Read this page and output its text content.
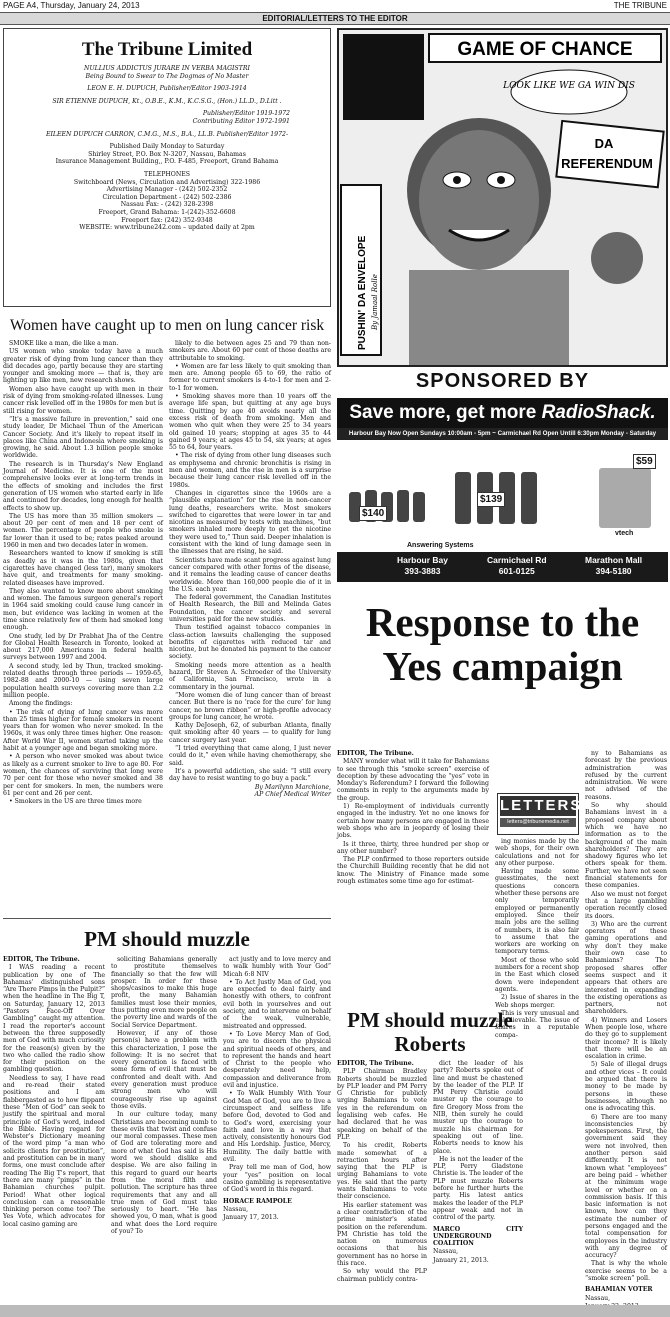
PAGE A4, Thursday, January 24, 2013	THE TRIBUNE
EDITORIAL/LETTERS TO THE EDITOR
The Tribune Limited

NULLIUS ADDICTUS JURARE IN VERBA MAGISTRI
Being Bound to Swear to The Dogmas of No Master

LEON E. H. DUPUCH, Publisher/Editor 1903-1914

SIR ETIENNE DUPUCH, Kt., O.B.E., K.M., K.C.S.G., (Hon.) LL.D., D.Litt .

Publisher/Editor 1919-1972
Contributing Editor 1972-1991

EILEEN DUPUCH CARRON, C.M.G., M.S., B.A., LL.B. Publisher/Editor 1972-

Published Daily Monday to Saturday
Shirley Street, P.O. Box N-3207, Nassau, Bahamas
Insurance Management Building,, P.O. F-485, Freeport, Grand Bahama

TELEPHONES
Switchboard (News, Circulation and Advertising) 322-1986
Advertising Manager - (242) 502-2352
Circulation Department - (242) 502-2386
Nassau Fax: - (242) 328-2398
Freeport, Grand Bahama: 1-(242)-352-6608
Freeport fax: (242) 352-9348
WEBSITE: www.tribune242.com – updated daily at 2pm

GAME OF CHANCE
LOOK LIKE WE GA WIN DIS
DA
REFERENDUM
PUSHIN' DA ENVELOPE By Jamaal Rolle
SPONSORED BY
Save more, get more RadioShack.
Harbour Bay Now Open Sundays 10:00am - 5pm ~ Carmichael Rd Open Untill 6:30pm Monday - Saturday
$140
Answering Systems
$139
$59
vtech
Harbour Bay
393-3883
Carmichael Rd
601-0125
Marathon Mall
394-5180
Women have caught up to men on lung cancer risk

SMOKE like a man, die like a man.

US women who smoke today have a much greater risk of dying from lung cancer than they did decades ago, partly because they are starting younger and smoking more — that is, they are lighting up like men, new research shows.

Women also have caught up with men in their risk of dying from smoking-related illnesses. Lung cancer risk levelled off in the 1980s for men but is still rising for women.

“It's a massive failure in prevention,” said one study leader, Dr Michael Thun of the American Cancer Society. And it's likely to repeat itself in places like China and Indonesia where smoking is growing, he said. About 1.3 billion people smoke worldwide.

The research is in Thursday's New England Journal of Medicine. It is one of the most comprehensive looks ever at long-term trends in the effects of smoking and includes the first generation of US women who started early in life and continued for decades, long enough for health effects to show up.

The US has more than 35 million smokers — about 20 per cent of men and 18 per cent of women. The percentage of people who smoke is far lower than it used to be; rates peaked around 1960 in men and two decades later in women.

Researchers wanted to know if smoking is still as deadly as it was in the 1980s, given that cigarettes have changed (less tar), many smokers have quit, and treatments for many smoking-related diseases have improved.

They also wanted to know more about smoking and women. The famous surgeon general's report in 1964 said smoking could cause lung cancer in men, but evidence was lacking in women at the time since relatively few of them had smoked long enough.

One study, led by Dr Prabhat Jha of the Centre for Global Health Research in Toronto, looked at about 217,000 Americans in federal health surveys between 1997 and 2004.

A second study, led by Thun, tracked smoking-related deaths through three periods — 1959-65, 1982-88 and 2000-10 — using seven large population health surveys covering more than 2.2 million people.

Among the findings:

• The risk of dying of lung cancer was more than 25 times higher for female smokers in recent years than for women who never smoked. In the 1960s, it was only three times higher. One reason: After World War II, women started taking up the habit at a younger age and began smoking more.

• A person who never smoked was about twice as likely as a current smoker to live to age 80. For women, the chances of surviving that long were 70 per cent for those who never smoked and 38 per cent for smokers. In men, the numbers were 61 per cent and 26 per cent.

• Smokers in the US are three times more

likely to die between ages 25 and 79 than non-smokers are. About 60 per cent of those deaths are attributable to smoking.

• Women are far less likely to quit smoking than men are. Among people 65 to 69, the ratio of former to current smokers is 4-to-1 for men and 2-to-1 for women.

• Smoking shaves more than 10 years off the average life span, but quitting at any age buys time. Quitting by age 40 avoids nearly all the excess risk of death from smoking. Men and women who quit when they were 25 to 34 years old gained 10 years; stopping at ages 35 to 44 gained 9 years; at ages 45 to 54, six years; at ages 55 to 64, four years.

• The risk of dying from other lung diseases such as emphysema and chronic bronchitis is rising in men and women, and the rise in men is a surprise because their lung cancer risk levelled off in the 1980s.

Changes in cigarettes since the 1960s are a “plausible explanation” for the rise in non-cancer lung deaths, researchers write. Most smokers switched to cigarettes that were lower in tar and nicotine as measured by tests with machines, “but smokers inhaled more deeply to get the nicotine they were used to,” Thun said. Deeper inhalation is consistent with the kind of lung damage seen in the illnesses that are rising, he said.

Scientists have made scant progress against lung cancer compared with other forms of the disease, and it remains the leading cause of cancer deaths worldwide. More than 160,000 people die of it in the U.S. each year.

The federal government, the Canadian Institutes of Health Research, the Bill and Melinda Gates Foundation, the cancer society and several universities paid for the new studies.

Thun testified against tobacco companies in class-action lawsuits challenging the supposed benefits of cigarettes with reduced tar and nicotine, but he donated his payment to the cancer society.

Smoking needs more attention as a health hazard, Dr Steven A. Schroeder of the University of California, San Francisco, wrote in a commentary in the journal.

“More women die of lung cancer than of breast cancer. But there is no ‘race for the cure’ for lung cancer, no brown ribbon” or high-profile advocacy groups for lung cancer, he wrote.

Kathy DeJoseph, 62, of suburban Atlanta, finally quit smoking after 40 years — to qualify for lung cancer surgery last year.

“I tried everything that came along, I just never could do it,” even while having chemotherapy, she said.

It's a powerful addiction, she said: “I still every day have to resist wanting to go buy a pack.”

By Marilynn Marchione,
AP Chief Medical Writer

Response to the Yes campaign

EDITOR, The Tribune.

MANY wonder what will it take for Bahamians to see through this “smoke screen” exercise of deception by these advocating the “yes” vote in Monday's Referendum? I forward the following comments in reply to the arguments made by the group.

1) Re-employment of individuals currently engaged in the industry. Yet no one knows for certain how many persons are engaged in these web shops who are in jeopardy of losing their jobs.

Is it three, thirty, three hundred per shop or any other number?

The PLP confirmed to those reporters outside the Churchill Building recently that he did not know. The Ministry of Finance made some rough estimates some time ago for estimat-

LETTERS
letters@tribunemedia.net

ing monies made by the web shops, for their own calculations and not for any other purpose.

Having made some guesstimates, the next questions concern whether these persons are only temporarily employed or permanently employed. Since their main jobs are the selling of numbers, it is also fair to assume that the workers are working on temporary terms.

Most of those who sold numbers for a recent shop in the East which closed down were independent agents.

2) Issue of shares in the Web shops merger.

This is very unusual and unbelievable. The issue of shares in a reputable compa-

ny to Bahamians as forecast by the previous administration was refused by the current administration. We were not advised of the reasons.

So why should Bahamians invest in a proposed company about which we have no information as to the background of the main shareholders? They are shadowy figures who let others speak for them. Further, we have not seen financial statements for these companies.

Also we must not forget that a large gambling operation recently closed its doors.

3) Who are the current operators of these gaming operations and why don't they make their own case to Bahamians? The proposed shares offer seems suspect and it appears that others are interested in expanding the existing operations as partners, not shareholders.

4) Winners and Losers When people lose, where do they go to supplement their income? It is likely that there will be an escalation in crime.

5) Sale of illegal drugs and other vices – It could be argued that there is money to be made by persons in these businesses, although no one is advocating this.

6) There are too many inconsistencies by spokespersons. First, the government said they were not involved, then another person said differently. It is not known what “employees” are being paid – whether at the minimum wage level or whether on a commission basis. If this basic information is not known, how can they estimate the number of persons engaged and the total compensation for employees in the industry with any degree of accuracy?

That is why the whole exercise seems to be a “smoke screen” poll.

BAHAMIAN VOTER

Nassau,

PM should muzzle

EDITOR, The Tribune.

I WAS reading a recent publication by one of The Bahamas' distinguished sons “Are There Pimps in the Pulpit?” when the headline in The Big T, on Saturday, January 12, 2013 “Pastors Face-Off Over Gambling” caught my attention. I read the reporter's account between the three supposedly men of God with much curiosity for the reason(s) given by the two who called the radio show for their position on the gambling question.

Needless to say, I have read and re-read their stated positions and I am flabbergasted as to how flippant these “Men of God” can seek to justify the spiritual and moral principle of God's word, indeed the Bible. Having regard for Webster's Dictionary meaning of the word pimp “a man who solicits clients for prostitution”, and prostitution can be in many forms, one must conclude after reading The Big T's report, that there are many “pimps” in the Bahamian churches pulpit. Period! What other logical conclusion can a reasonable thinking person come too? The Yes Vote, which advocates for local casino gaming are

soliciting Bahamians generally to prostitute themselves financially so that the few will prosper. In order for these shops/casinos to make this huge profit, the many Bahamian families must lose their monies, thus putting even more people on the poverty line and wards of the Social Service Department.

However, if any of those person(s) have a problem with this characterization, I pose the following: It is no secret that every generation is faced with some form of evil that must be confronted and dealt with. And every generation must produce strong men who will courageously rise up against those evils.

In our culture today, many Christians are becoming numb to these evils that twist and confuse our moral compasses. These men of God are tolerating more and more of what God has said is His word we should dislike and despise. We are also failing in this regard to guard our hearts from the moral filth and pollution. The scripture has three requirements that any and all true men of God must take seriously to heart. “He has showed you, O man, what is good and what does the Lord require of you? To

act justly and to love mercy and to walk humbly with Your God” Micah 6:8 NIV

• To Act Justly Man of God, you are expected to deal fairly and honestly with others, to confront evil both in yourselves and out society, and to intervene on behalf of the weak, vulnerable, mistreated and oppressed.

• To Love Mercy Man of God, you are to discern the physical and spiritual needs of others, and to represent the hands and heart of Christ to the people who desperately need help, compassion and deliverance from evil and injustice.

• To Walk Humbly With Your God Man of God, you are to live a circumspect and selfless life before God, devoted to God and to God's word, exercising your faith and love in a way that actively, consistently honours God and His Lordship. Justice, Mercy, Humility. The daily battle with evil.

Pray tell me man of God, how your “yes” position on local casino gambling is representative of God's word in this regard.

HORACE RAMPOLE

Nassau,

January 17, 2013.

PM should muzzle Roberts

EDITOR, The Tribune.

PLP Chairman Bradley Roberts should be muzzled by PLP leader and PM Perry G Christie for publicly urging Bahamians to vote yes in the referendum on legalising web cafes. He had declared that he was speaking on behalf of the PLP.

To his credit, Roberts made somewhat of a retraction hours after saying that the PLP is urging Bahamians to vote yes. He said that the party wants Bahamians to vote their conscience.

His earlier statement was a clear contradiction of the prime minister's stated position on the referendum. PM Christie has told the nation on numerous occasions that his government has no horse in this race.

So why would the PLP chairman publicly contra-

dict the leader of his party? Roberts spoke out of line and must be chastened by the leader of the PLP. If PM Perry Christie could muster up the courage to fire Gregory Moss from the NIB, then surely he could muster up the courage to muzzle his chairman for speaking out of line. Roberts needs to know his place.

He is not the leader of the PLP, Perry Gladstone Christie is. The leader of the PLP must muzzle Roberts before he further hurts the party. His latest antics makes the leader of the PLP appear weak and not in control of the party.

MARCO CITY UNDERGROUND COALITION

Nassau,

January 21, 2013.
